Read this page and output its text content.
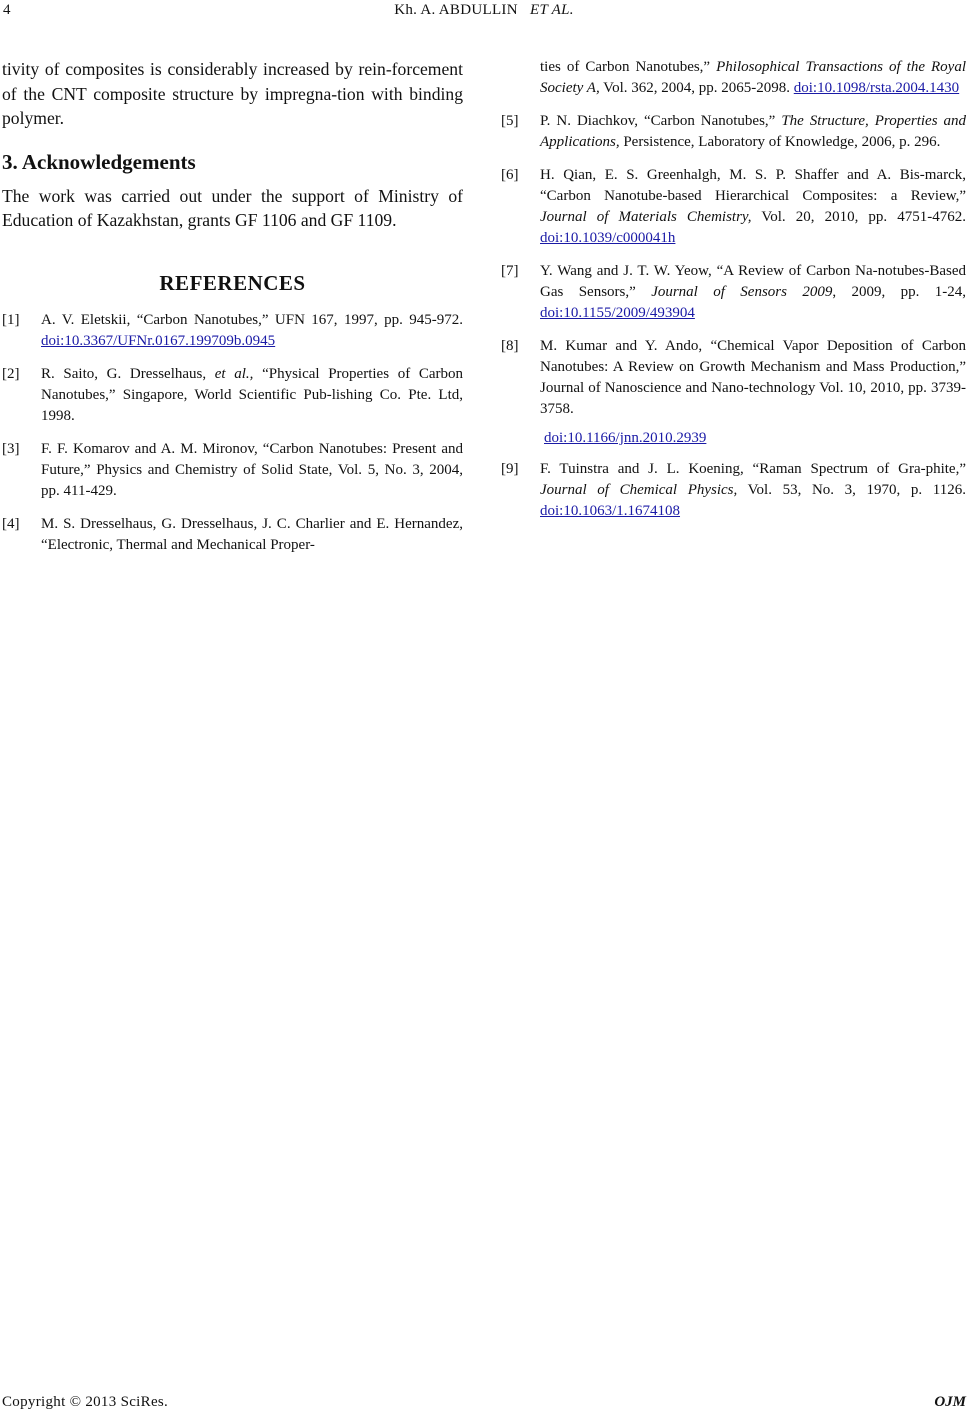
4	Kh. A. ABDULLIN ET AL.

tivity of composites is considerably increased by rein-forcement of the CNT composite structure by impregna-tion with binding polymer.

3. Acknowledgements

The work was carried out under the support of Ministry of Education of Kazakhstan, grants GF 1106 and GF 1109.

REFERENCES

[1] A. V. Eletskii, “Carbon Nanotubes,” UFN 167, 1997, pp. 945-972. doi:10.3367/UFNr.0167.199709b.0945
[2] R. Saito, G. Dresselhaus, et al., “Physical Properties of Carbon Nanotubes,” Singapore, World Scientific Pub-lishing Co. Pte. Ltd, 1998.
[3] F. F. Komarov and A. M. Mironov, “Carbon Nanotubes: Present and Future,” Physics and Chemistry of Solid State, Vol. 5, No. 3, 2004, pp. 411-429.
[4] M. S. Dresselhaus, G. Dresselhaus, J. C. Charlier and E. Hernandez, “Electronic, Thermal and Mechanical Proper-
ties of Carbon Nanotubes,” Philosophical Transactions of the Royal Society A, Vol. 362, 2004, pp. 2065-2098. doi:10.1098/rsta.2004.1430
[5] P. N. Diachkov, “Carbon Nanotubes,” The Structure, Properties and Applications, Persistence, Laboratory of Knowledge, 2006, p. 296.
[6] H. Qian, E. S. Greenhalgh, M. S. P. Shaffer and A. Bis-marck, “Carbon Nanotube-based Hierarchical Composites: a Review,” Journal of Materials Chemistry, Vol. 20, 2010, pp. 4751-4762. doi:10.1039/c000041h
[7] Y. Wang and J. T. W. Yeow, “A Review of Carbon Na-notubes-Based Gas Sensors,” Journal of Sensors 2009, 2009, pp. 1-24, doi:10.1155/2009/493904
[8] M. Kumar and Y. Ando, “Chemical Vapor Deposition of Carbon Nanotubes: A Review on Growth Mechanism and Mass Production,” Journal of Nanoscience and Nano-technology Vol. 10, 2010, pp. 3739-3758.
doi:10.1166/jnn.2010.2939
[9] F. Tuinstra and J. L. Koening, “Raman Spectrum of Gra-phite,” Journal of Chemical Physics, Vol. 53, No. 3, 1970, p. 1126. doi:10.1063/1.1674108
Copyright © 2013 SciRes.	OJM
